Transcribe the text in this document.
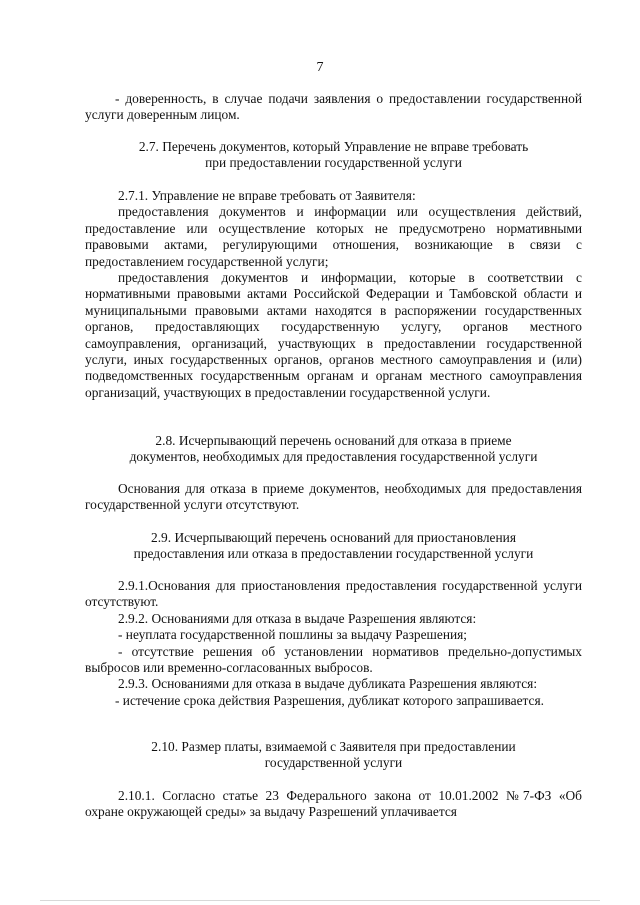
7

- доверенность, в случае подачи заявления о предоставлении государственной услуги доверенным лицом.

2.7. Перечень документов, который Управление не вправе требовать

при предоставлении государственной услуги

2.7.1. Управление не вправе требовать от Заявителя:

предоставления документов и информации или осуществления действий, предоставление или осуществление которых не предусмотрено нормативными правовыми актами, регулирующими отношения, возникающие в связи с предоставлением государственной услуги;

предоставления документов и информации, которые в соответствии с нормативными правовыми актами Российской Федерации и Тамбовской области и муниципальными правовыми актами находятся в распоряжении государственных органов, предоставляющих государственную услугу, органов местного самоуправления, организаций, участвующих в предоставлении государственной услуги, иных государственных органов, органов местного самоуправления и (или) подведомственных государственным органам и органам местного самоуправления организаций, участвующих в предоставлении государственной услуги.

2.8. Исчерпывающий перечень оснований для отказа в приеме

документов, необходимых для предоставления государственной услуги

Основания для отказа в приеме документов, необходимых для предоставления государственной услуги отсутствуют.

2.9. Исчерпывающий перечень оснований для приостановления

предоставления или отказа в предоставлении государственной услуги

2.9.1.Основания для приостановления предоставления государственной услуги отсутствуют.

2.9.2. Основаниями для отказа в выдаче Разрешения являются:

- неуплата государственной пошлины за выдачу Разрешения;

- отсутствие решения об установлении нормативов предельно-допустимых выбросов или временно-согласованных выбросов.

2.9.3. Основаниями для отказа в выдаче дубликата Разрешения являются:

- истечение срока действия Разрешения, дубликат которого запрашивается.

2.10. Размер платы, взимаемой с Заявителя при предоставлении

государственной услуги

2.10.1. Согласно статье 23 Федерального закона от 10.01.2002 №7-ФЗ «Об охране окружающей среды» за выдачу Разрешений уплачивается
